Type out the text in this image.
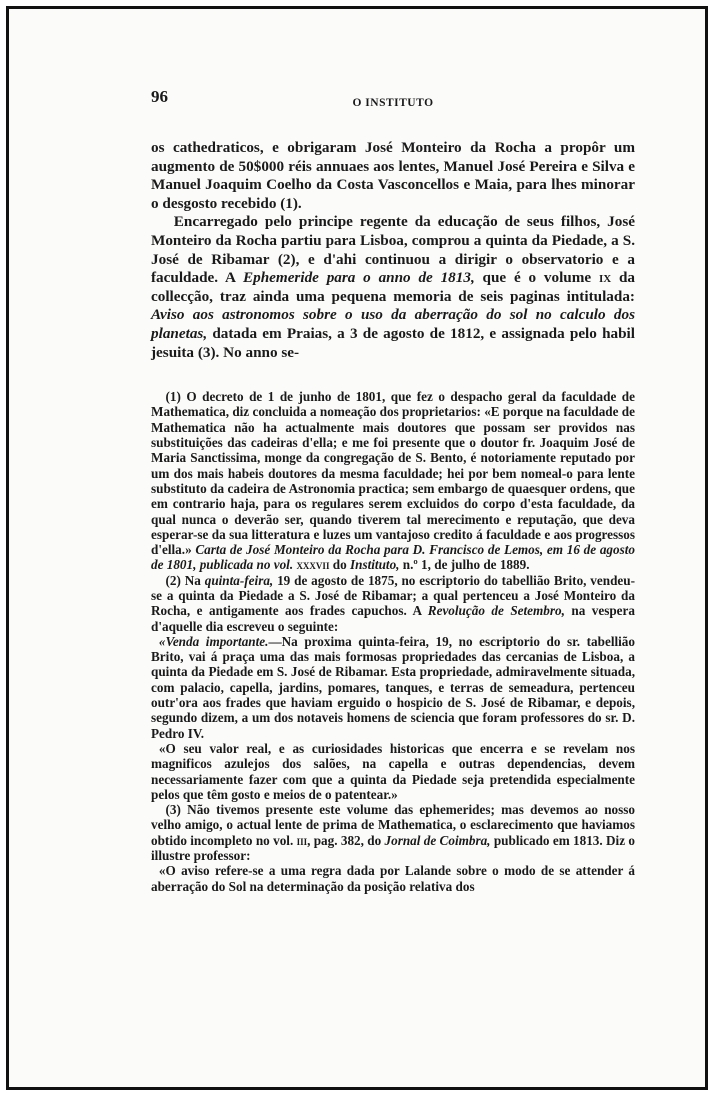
96	O INSTITUTO

os cathedraticos, e obrigaram José Monteiro da Rocha a propôr um augmento de 50$000 réis annuaes aos lentes, Manuel José Pereira e Silva e Manuel Joaquim Coelho da Costa Vasconcellos e Maia, para lhes minorar o desgosto recebido (1).

Encarregado pelo principe regente da educação de seus filhos, José Monteiro da Rocha partiu para Lisboa, comprou a quinta da Piedade, a S. José de Ribamar (2), e d'ahi continuou a dirigir o observatorio e a faculdade. A Ephemeride para o anno de 1813, que é o volume ix da collecção, traz ainda uma pequena memoria de seis paginas intitulada: Aviso aos astronomos sobre o uso da aberração do sol no calculo dos planetas, datada em Praias, a 3 de agosto de 1812, e assignada pelo habil jesuita (3). No anno se-

(1) O decreto de 1 de junho de 1801, que fez o despacho geral da faculdade de Mathematica, diz concluida a nomeação dos proprietarios: «E porque na faculdade de Mathematica não ha actualmente mais doutores que possam ser providos nas substituições das cadeiras d'ella; e me foi presente que o doutor fr. Joaquim José de Maria Sanctissima, monge da congregação de S. Bento, é notoriamente reputado por um dos mais habeis doutores da mesma faculdade; hei por bem nomeal-o para lente substituto da cadeira de Astronomia practica; sem embargo de quaesquer ordens, que em contrario haja, para os regulares serem excluidos do corpo d'esta faculdade, da qual nunca o deverão ser, quando tiverem tal merecimento e reputação, que deva esperar-se da sua litteratura e luzes um vantajoso credito á faculdade e aos progressos d'ella.» Carta de José Monteiro da Rocha para D. Francisco de Lemos, em 16 de agosto de 1801, publicada no vol. xxxvii do Instituto, n.º 1, de julho de 1889.

(2) Na quinta-feira, 19 de agosto de 1875, no escriptorio do tabellião Brito, vendeu-se a quinta da Piedade a S. José de Ribamar; a qual pertenceu a José Monteiro da Rocha, e antigamente aos frades capuchos. A Revolução de Setembro, na vespera d'aquelle dia escreveu o seguinte:

«Venda importante.—Na proxima quinta-feira, 19, no escriptorio do sr. tabellião Brito, vai á praça uma das mais formosas propriedades das cercanias de Lisboa, a quinta da Piedade em S. José de Ribamar. Esta propriedade, admiravelmente situada, com palacio, capella, jardins, pomares, tanques, e terras de semeadura, pertenceu outr'ora aos frades que haviam erguido o hospicio de S. José de Ribamar, e depois, segundo dizem, a um dos notaveis homens de sciencia que foram professores do sr. D. Pedro IV.

«O seu valor real, e as curiosidades historicas que encerra e se revelam nos magnificos azulejos dos salões, na capella e outras dependencias, devem necessariamente fazer com que a quinta da Piedade seja pretendida especialmente pelos que têm gosto e meios de o patentear.»

(3) Não tivemos presente este volume das ephemerides; mas devemos ao nosso velho amigo, o actual lente de prima de Mathematica, o esclarecimento que haviamos obtido incompleto no vol. iii, pag. 382, do Jornal de Coimbra, publicado em 1813. Diz o illustre professor:

«O aviso refere-se a uma regra dada por Lalande sobre o modo de se attender á aberração do Sol na determinação da posição relativa dos
